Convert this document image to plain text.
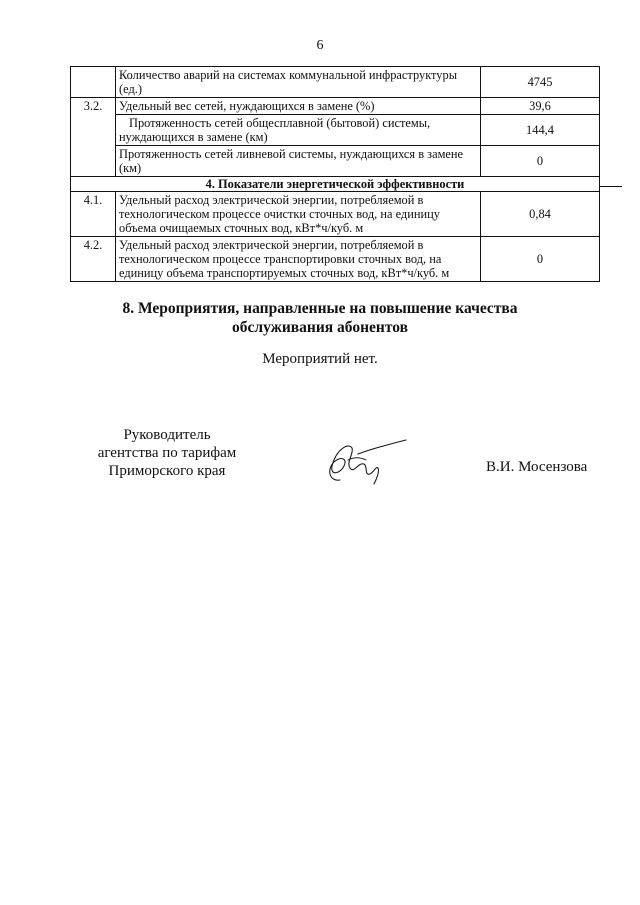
6
	Количество аварий на системах коммунальной инфраструктуры (ед.)	4745
3.2.	Удельный вес сетей, нуждающихся в замене (%)	39,6
	Протяженность сетей общесплавной (бытовой) системы, нуждающихся в замене (км)	144,4
	Протяженность сетей ливневой системы, нуждающихся в замене (км)	0
4. Показатели энергетической эффективности		
4.1.	Удельный расход электрической энергии, потребляемой в технологическом процессе очистки сточных вод, на единицу объема очищаемых сточных вод, кВт*ч/куб. м	0,84
4.2.	Удельный расход электрической энергии, потребляемой в технологическом процессе транспортировки сточных вод, на единицу объема транспортируемых сточных вод, кВт*ч/куб. м	0
8. Мероприятия, направленные на повышение качества обслуживания абонентов
Мероприятий нет.
Руководитель
агентства по тарифам
Приморского края	В.И. Мосензова
